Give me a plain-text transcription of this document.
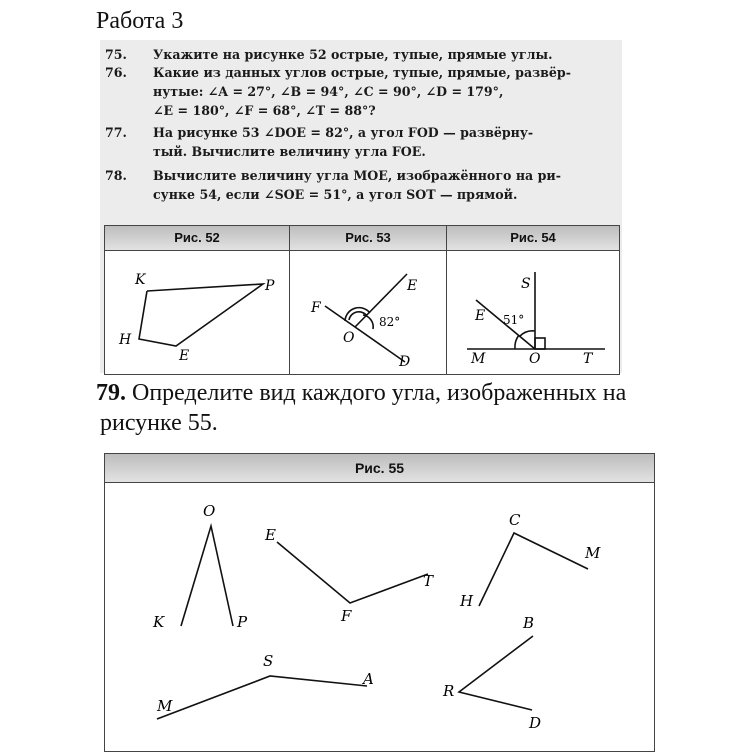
Работа 3
75.	Укажите на рисунке 52 острые, тупые, прямые углы.
76.	Какие из данных углов острые, тупые, прямые, развёр-
нутые: ∠A = 27°, ∠B = 94°, ∠C = 90°, ∠D = 179°,
∠E = 180°, ∠F = 68°, ∠T = 88°?
77.	На рисунке 53 ∠DOE = 82°, а угол FOD — развёрну-
тый. Вычислите величину угла FOE.
78.	Вычислите величину угла MOE, изображённого на ри-
сунке 54, если ∠SOE = 51°, а угол SOT — прямой.
Рис. 52	Рис. 53	Рис. 54
K	P
H
E
F
E
O
D
82°
S
E 51°
M	O	T
79. Определите вид каждого угла, изображенных на
рисунке 55.
Рис. 55
O
K	P
E
F
T
C
M
H
S
M
A
B
R
D
